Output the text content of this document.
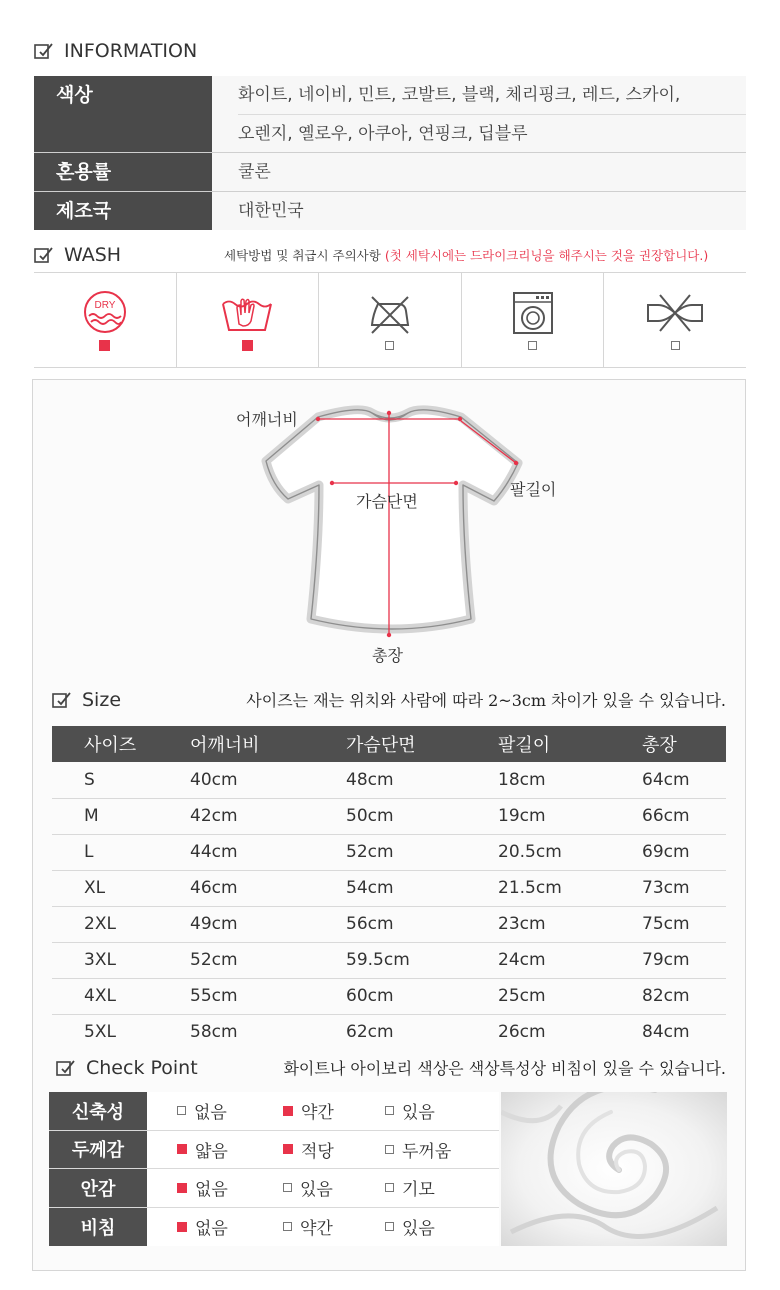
INFORMATION
색상	화이트, 네이비, 민트, 코발트, 블랙, 체리핑크, 레드, 스카이,
오렌지, 옐로우, 아쿠아, 연핑크, 딥블루
혼용률	쿨론
제조국	대한민국
WASH	세탁방법 및 취급시 주의사항 (첫 세탁시에는 드라이크리닝을 해주시는 것을 권장합니다.)
DRY
어깨너비
가슴단면
팔길이
총장
Size	사이즈는 재는 위치와 사람에 따라 2~3cm 차이가 있을 수 있습니다.
사이즈	어깨너비	가슴단면	팔길이	총장
S	40cm	48cm	18cm	64cm
M	42cm	50cm	19cm	66cm
L	44cm	52cm	20.5cm	69cm
XL	46cm	54cm	21.5cm	73cm
2XL	49cm	56cm	23cm	75cm
3XL	52cm	59.5cm	24cm	79cm
4XL	55cm	60cm	25cm	82cm
5XL	58cm	62cm	26cm	84cm
Check Point	화이트나 아이보리 색상은 색상특성상 비침이 있을 수 있습니다.
신축성	없음	약간	있음
두께감	얇음	적당	두꺼움
안감	없음	있음	기모
비침	없음	약간	있음
